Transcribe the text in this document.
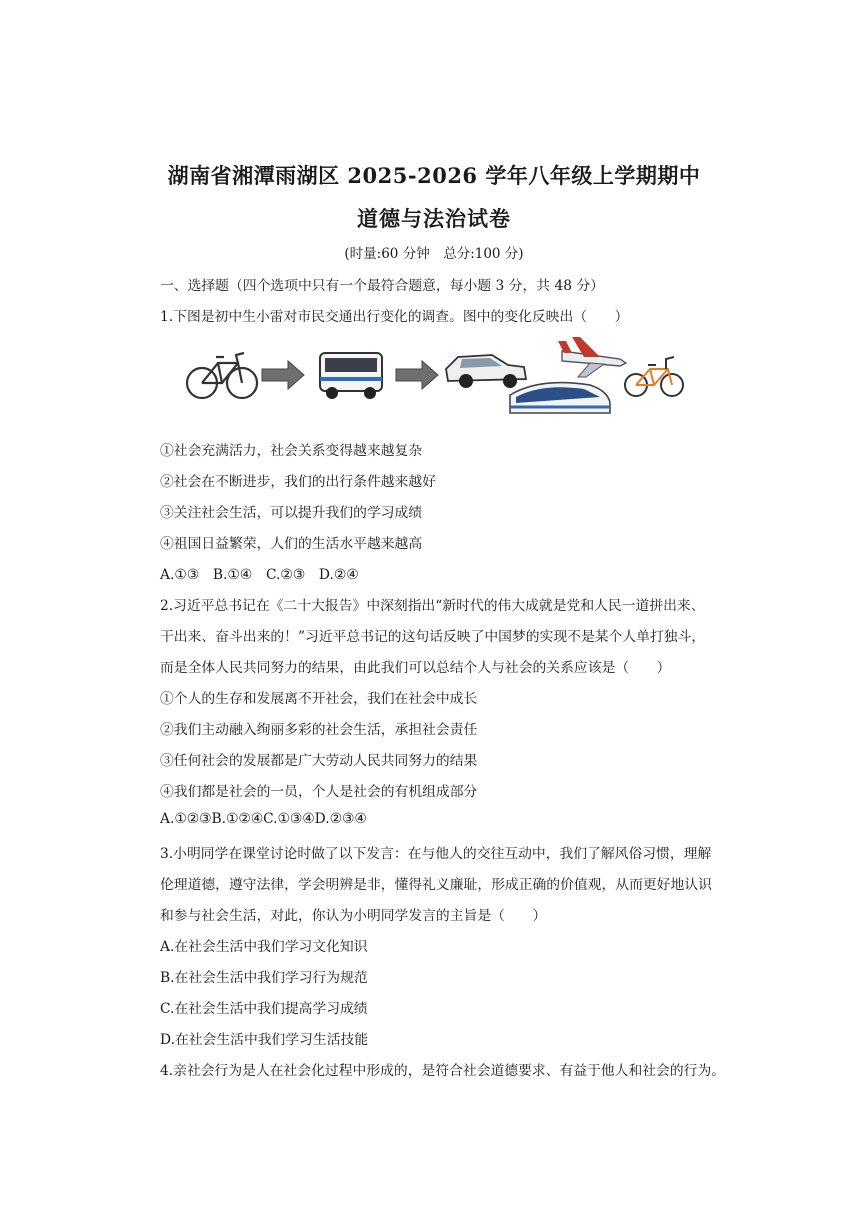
湖南省湘潭雨湖区 2025-2026 学年八年级上学期期中
道德与法治试卷
(时量:60 分钟　总分:100 分)
一、选择题（四个选项中只有一个最符合题意，每小题 3 分，共 48 分）
1.下图是初中生小雷对市民交通出行变化的调查。图中的变化反映出（　　）
①社会充满活力，社会关系变得越来越复杂
②社会在不断进步，我们的出行条件越来越好
③关注社会生活，可以提升我们的学习成绩
④祖国日益繁荣，人们的生活水平越来越高
A.①③　B.①④　C.②③　D.②④
2.习近平总书记在《二十大报告》中深刻指出“新时代的伟大成就是党和人民一道拼出来、
干出来、奋斗出来的！”习近平总书记的这句话反映了中国梦的实现不是某个人单打独斗，
而是全体人民共同努力的结果，由此我们可以总结个人与社会的关系应该是（　　）
①个人的生存和发展离不开社会，我们在社会中成长
②我们主动融入绚丽多彩的社会生活，承担社会责任
③任何社会的发展都是广大劳动人民共同努力的结果
④我们都是社会的一员，个人是社会的有机组成部分
A.①②③B.①②④C.①③④D.②③④
3.小明同学在课堂讨论时做了以下发言：在与他人的交往互动中，我们了解风俗习惯，理解
伦理道德，遵守法律，学会明辨是非，懂得礼义廉耻，形成正确的价值观，从而更好地认识
和参与社会生活，对此，你认为小明同学发言的主旨是（　　）
A.在社会生活中我们学习文化知识
B.在社会生活中我们学习行为规范
C.在社会生活中我们提高学习成绩
D.在社会生活中我们学习生活技能
4.亲社会行为是人在社会化过程中形成的，是符合社会道德要求、有益于他人和社会的行为。
